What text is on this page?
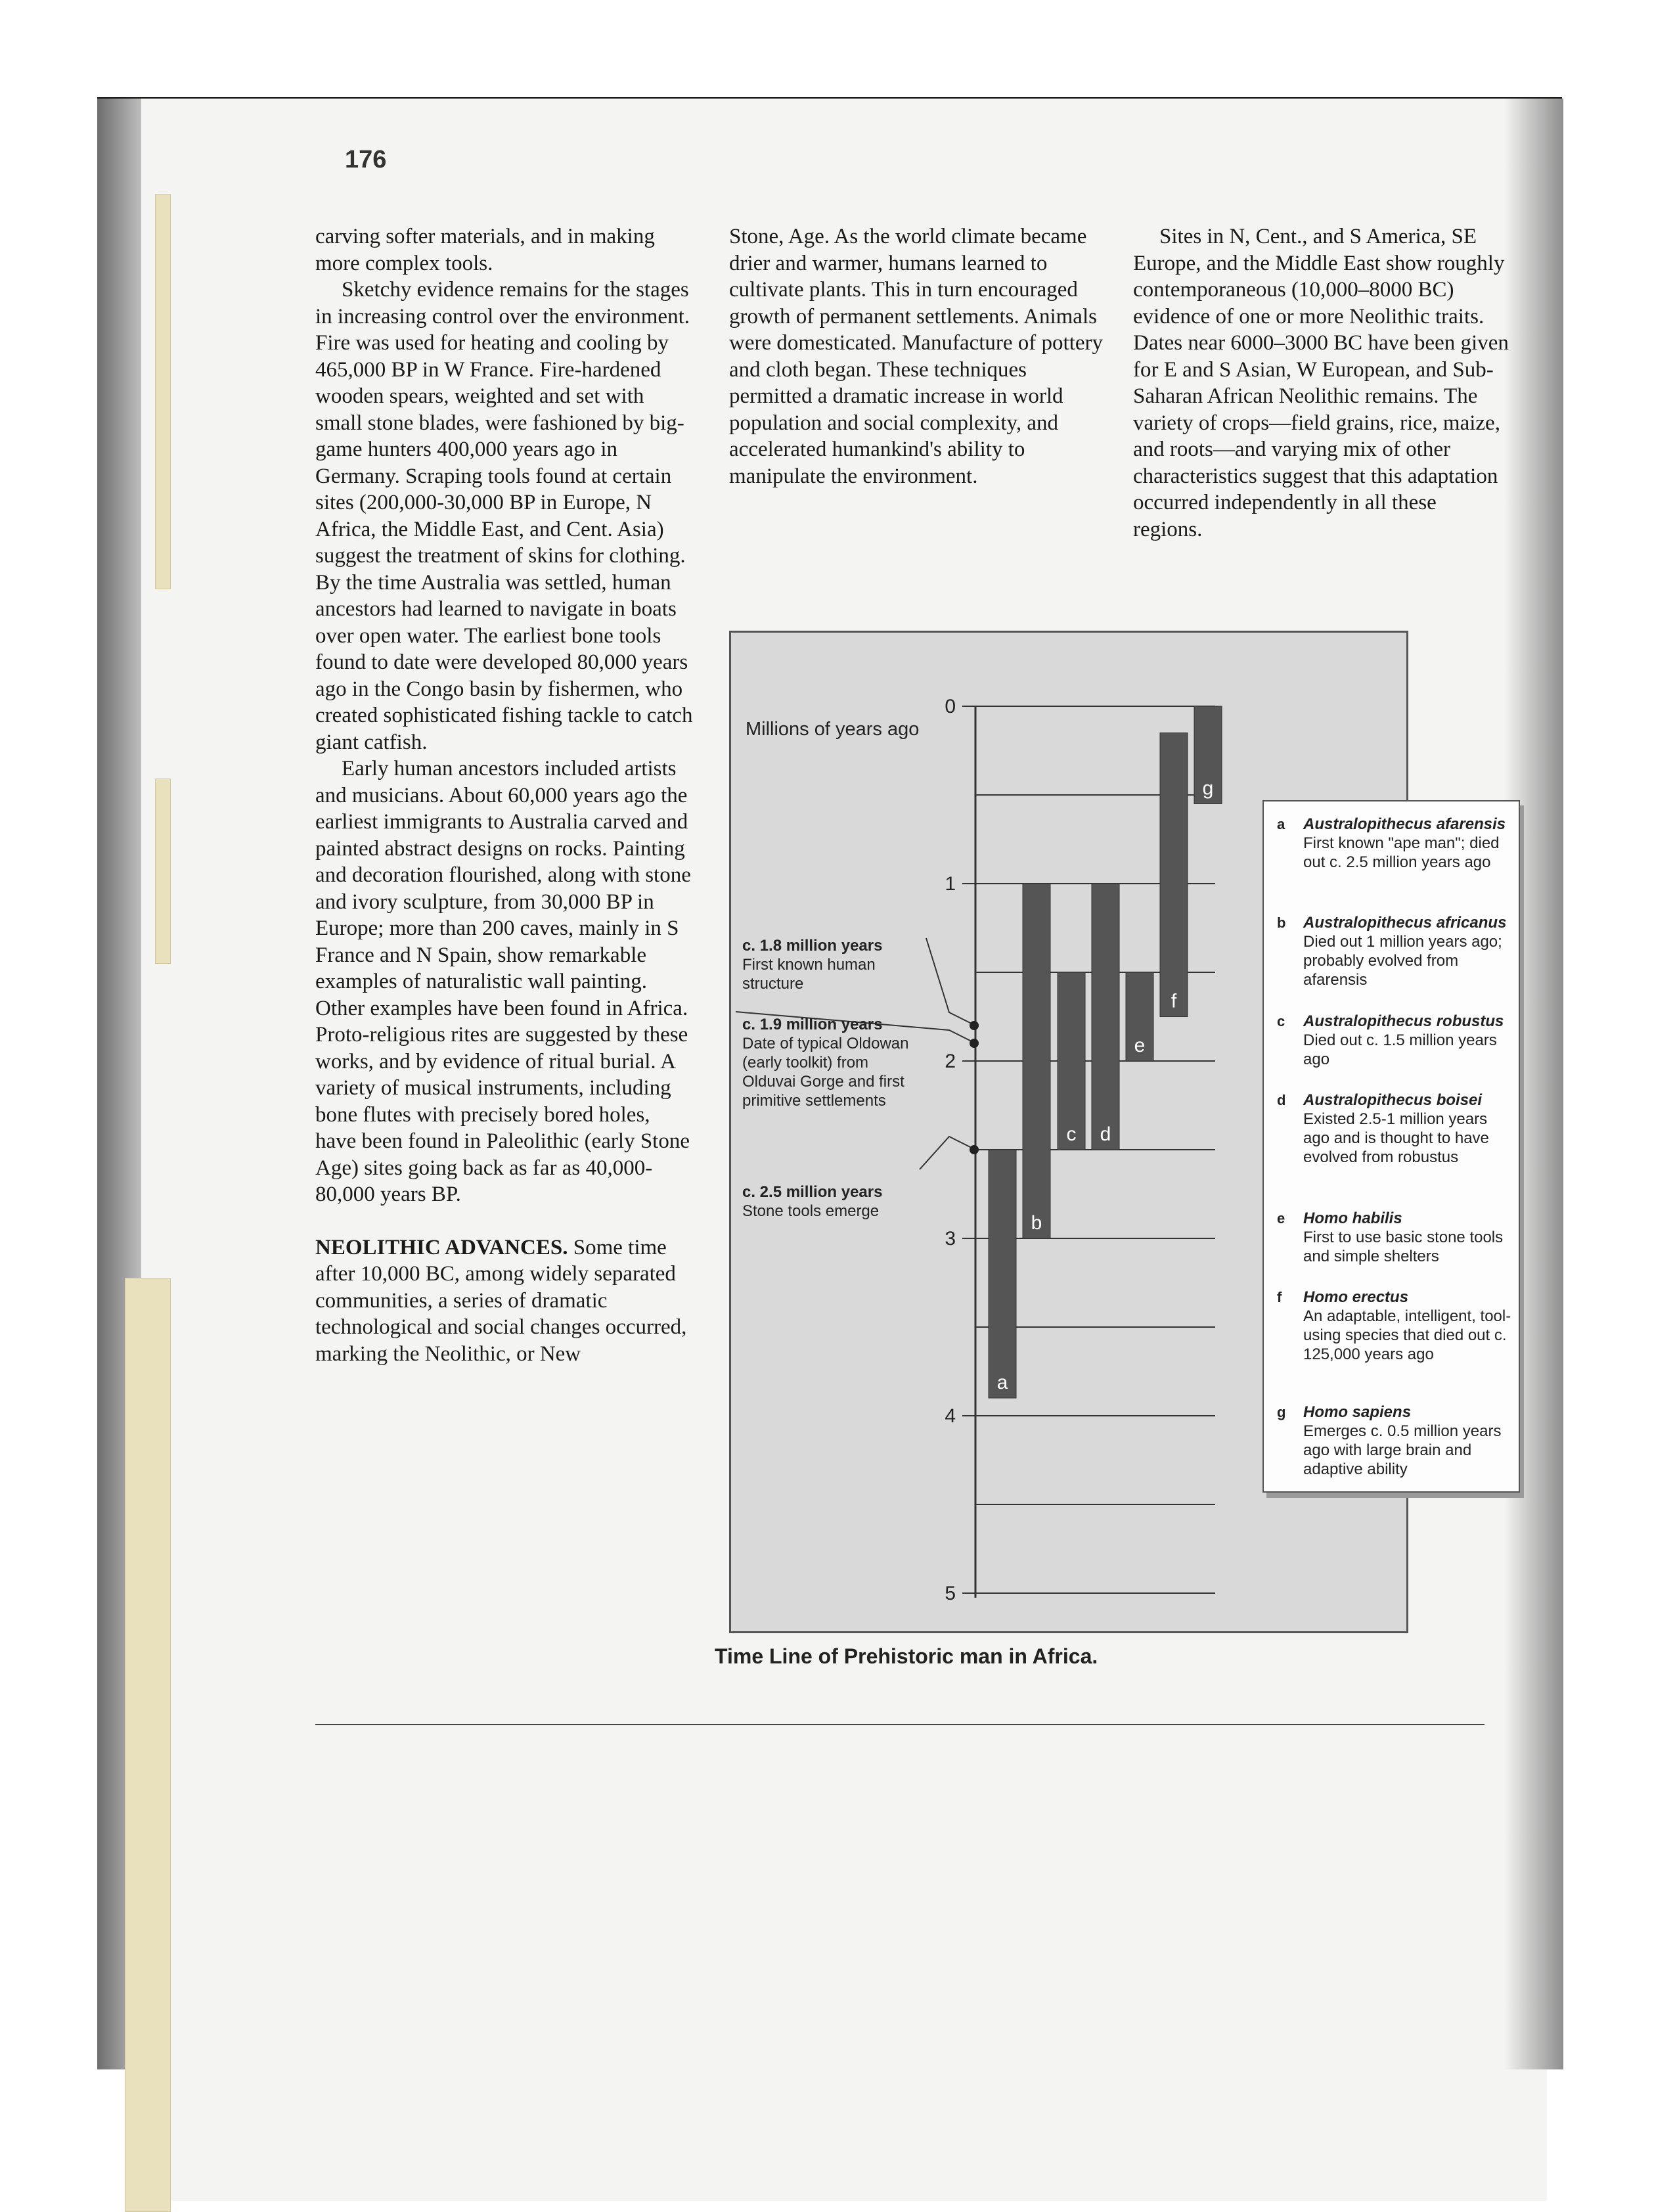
176

carving softer materials, and in making more complex tools.

Sketchy evidence remains for the stages in increasing control over the environment. Fire was used for heating and cooling by 465,000 BP in W France. Fire-hardened wooden spears, weighted and set with small stone blades, were fashioned by big-game hunters 400,000 years ago in Germany. Scraping tools found at certain sites (200,000-30,000 BP in Europe, N Africa, the Middle East, and Cent. Asia) suggest the treatment of skins for clothing. By the time Australia was settled, human ancestors had learned to navigate in boats over open water. The earliest bone tools found to date were developed 80,000 years ago in the Congo basin by fishermen, who created sophisticated fishing tackle to catch giant catfish.

Early human ancestors included artists and musicians. About 60,000 years ago the earliest immigrants to Australia carved and painted abstract designs on rocks. Painting and decoration flourished, along with stone and ivory sculpture, from 30,000 BP in Europe; more than 200 caves, mainly in S France and N Spain, show remarkable examples of naturalistic wall painting. Other examples have been found in Africa. Proto-religious rites are suggested by these works, and by evidence of ritual burial. A variety of musical instruments, including bone flutes with precisely bored holes, have been found in Paleolithic (early Stone Age) sites going back as far as 40,000-80,000 years BP.

NEOLITHIC ADVANCES. Some time after 10,000 BC, among widely separated communities, a series of dramatic technological and social changes occurred, marking the Neolithic, or New

Stone, Age. As the world climate became drier and warmer, humans learned to cultivate plants. This in turn encouraged growth of permanent settlements. Animals were domesticated. Manufacture of pottery and cloth began. These techniques permitted a dramatic increase in world population and social complexity, and accelerated humankind's ability to manipulate the environment.

Sites in N, Cent., and S America, SE Europe, and the Middle East show roughly contemporaneous (10,000–8000 BC) evidence of one or more Neolithic traits. Dates near 6000–3000 BC have been given for E and S Asian, W European, and Sub-Saharan African Neolithic remains. The variety of crops—field grains, rice, maize, and roots—and varying mix of other characteristics suggest that this adaptation occurred independently in all these regions.

Millions of years ago
0
1
2
3
4
5
a
b
c d
e
f
g
c. 1.8 million years
First known human structure
c. 1.9 million years
Date of typical Oldowan (early toolkit) from Olduvai Gorge and first primitive settlements
c. 2.5 million years
Stone tools emerge
a Australopithecus afarensis
First known "ape man"; died out c. 2.5 million years ago
b Australopithecus africanus
Died out 1 million years ago; probably evolved from afarensis
c Australopithecus robustus
Died out c. 1.5 million years ago
d Australopithecus boisei
Existed 2.5-1 million years ago and is thought to have evolved from robustus
e Homo habilis
First to use basic stone tools and simple shelters
f Homo erectus
An adaptable, intelligent, tool-using species that died out c. 125,000 years ago
g Homo sapiens
Emerges c. 0.5 million years ago with large brain and adaptive ability
Time Line of Prehistoric man in Africa.
